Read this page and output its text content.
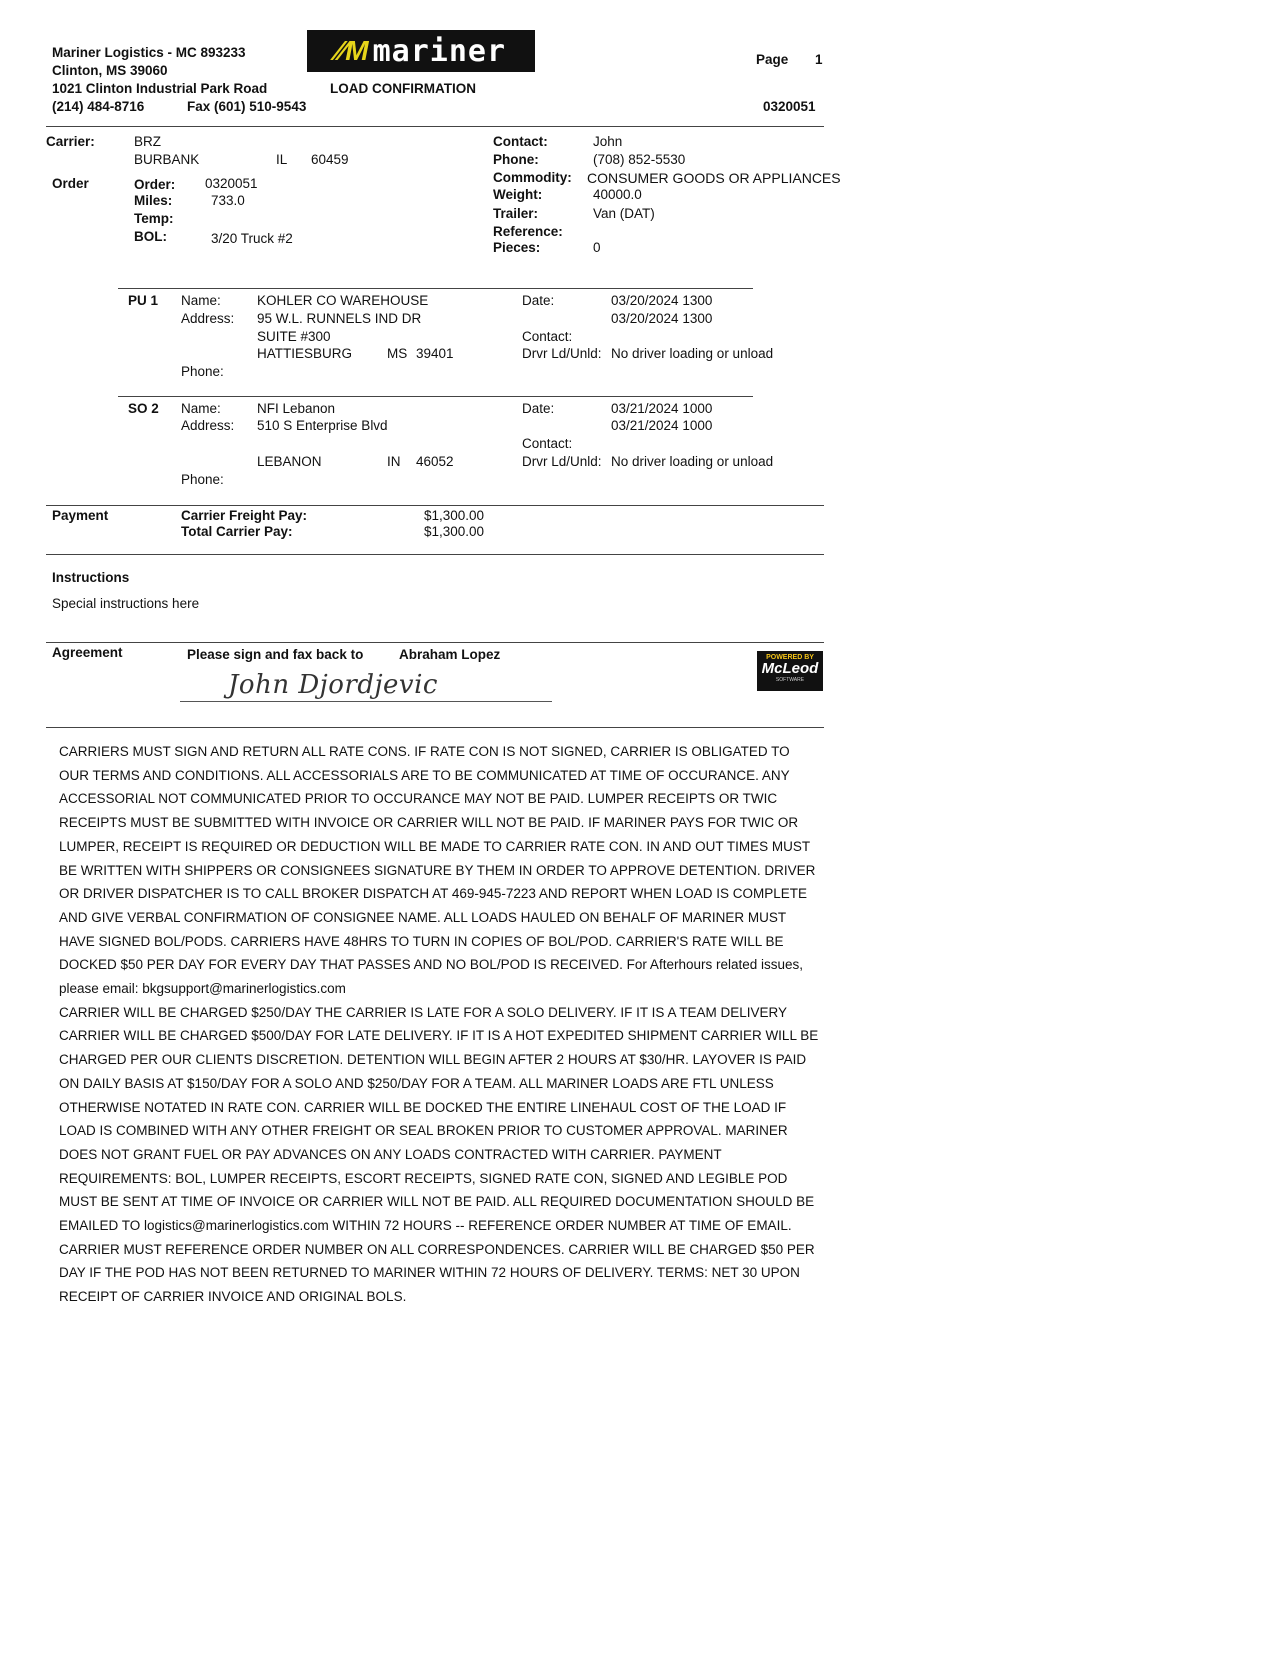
Mariner Logistics - MC 893233
Clinton, MS 39060
1021 Clinton Industrial Park Road
(214) 484-8716	Fax (601) 510-9543
⁄⁄M mariner
LOAD CONFIRMATION
Page 1
0320051
Carrier:	BRZ
BURBANK	IL 60459
Contact:	John
Phone:	(708) 852-5530
Commodity: CONSUMER GOODS OR APPLIANCES
Weight:	40000.0
Trailer:	Van (DAT)
Reference:
Pieces:	0
Order	Order: 0320051
Miles:	733.0
Temp:
BOL:	3/20 Truck #2
PU 1 Name:	KOHLER CO WAREHOUSE
Address: 95 W.L. RUNNELS IND DR
SUITE #300
HATTIESBURG	MS 39401
Phone:
Date:	03/20/2024 1300
03/20/2024 1300
Contact:
Drvr Ld/Unld: No driver loading or unload
SO 2 Name:	NFI Lebanon
Address: 510 S Enterprise Blvd
LEBANON	IN 46052
Phone:
Date:	03/21/2024 1000
03/21/2024 1000
Contact:
Drvr Ld/Unld: No driver loading or unload
Payment	Carrier Freight Pay:	$1,300.00
Total Carrier Pay:	$1,300.00
Instructions
Special instructions here
Agreement	Please sign and fax back to	Abraham Lopez
John Djordjevic
POWERED BY
McLeod
SOFTWARE

CARRIERS MUST SIGN AND RETURN ALL RATE CONS. IF RATE CON IS NOT SIGNED, CARRIER IS OBLIGATED TO OUR TERMS AND CONDITIONS. ALL ACCESSORIALS ARE TO BE COMMUNICATED AT TIME OF OCCURANCE. ANY ACCESSORIAL NOT COMMUNICATED PRIOR TO OCCURANCE MAY NOT BE PAID. LUMPER RECEIPTS OR TWIC RECEIPTS MUST BE SUBMITTED WITH INVOICE OR CARRIER WILL NOT BE PAID. IF MARINER PAYS FOR TWIC OR LUMPER, RECEIPT IS REQUIRED OR DEDUCTION WILL BE MADE TO CARRIER RATE CON. IN AND OUT TIMES MUST BE WRITTEN WITH SHIPPERS OR CONSIGNEES SIGNATURE BY THEM IN ORDER TO APPROVE DETENTION. DRIVER OR DRIVER DISPATCHER IS TO CALL BROKER DISPATCH AT 469-945-7223 AND REPORT WHEN LOAD IS COMPLETE AND GIVE VERBAL CONFIRMATION OF CONSIGNEE NAME. ALL LOADS HAULED ON BEHALF OF MARINER MUST HAVE SIGNED BOL/PODS. CARRIERS HAVE 48HRS TO TURN IN COPIES OF BOL/POD. CARRIER'S RATE WILL BE DOCKED $50 PER DAY FOR EVERY DAY THAT PASSES AND NO BOL/POD IS RECEIVED. For Afterhours related issues, please email: bkgsupport@marinerlogistics.com

CARRIER WILL BE CHARGED $250/DAY THE CARRIER IS LATE FOR A SOLO DELIVERY. IF IT IS A TEAM DELIVERY CARRIER WILL BE CHARGED $500/DAY FOR LATE DELIVERY. IF IT IS A HOT EXPEDITED SHIPMENT CARRIER WILL BE CHARGED PER OUR CLIENTS DISCRETION. DETENTION WILL BEGIN AFTER 2 HOURS AT $30/HR. LAYOVER IS PAID ON DAILY BASIS AT $150/DAY FOR A SOLO AND $250/DAY FOR A TEAM. ALL MARINER LOADS ARE FTL UNLESS OTHERWISE NOTATED IN RATE CON. CARRIER WILL BE DOCKED THE ENTIRE LINEHAUL COST OF THE LOAD IF LOAD IS COMBINED WITH ANY OTHER FREIGHT OR SEAL BROKEN PRIOR TO CUSTOMER APPROVAL. MARINER DOES NOT GRANT FUEL OR PAY ADVANCES ON ANY LOADS CONTRACTED WITH CARRIER. PAYMENT REQUIREMENTS: BOL, LUMPER RECEIPTS, ESCORT RECEIPTS, SIGNED RATE CON, SIGNED AND LEGIBLE POD MUST BE SENT AT TIME OF INVOICE OR CARRIER WILL NOT BE PAID. ALL REQUIRED DOCUMENTATION SHOULD BE EMAILED TO logistics@marinerlogistics.com WITHIN 72 HOURS -- REFERENCE ORDER NUMBER AT TIME OF EMAIL. CARRIER MUST REFERENCE ORDER NUMBER ON ALL CORRESPONDENCES. CARRIER WILL BE CHARGED $50 PER DAY IF THE POD HAS NOT BEEN RETURNED TO MARINER WITHIN 72 HOURS OF DELIVERY. TERMS: NET 30 UPON RECEIPT OF CARRIER INVOICE AND ORIGINAL BOLS.
